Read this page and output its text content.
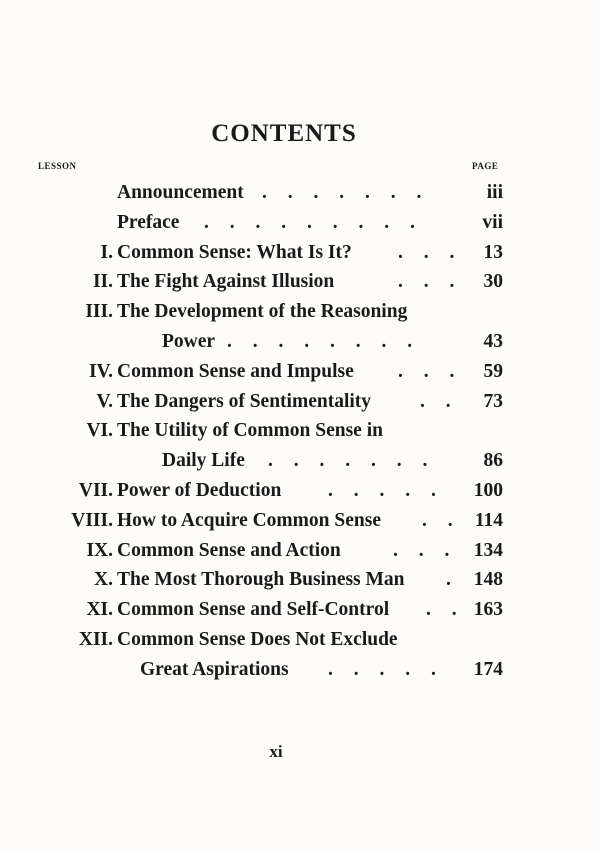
CONTENTS
LESSON	PAGE
Announcement . . . . . . .	iii
Preface . . . . . . . . .	vii
I. Common Sense: What Is It? . . . 13
II. The Fight Against Illusion	. . . 30
III. The Development of the Reasoning
Power . . . . . . . .	43
IV. Common Sense and Impulse . . . 59
V. The Dangers of Sentimentality	. . 73
VI. The Utility of Common Sense in
Daily Life . . . . . . . 86
VII. Power of Deduction . . . . . 100
VIII. How to Acquire Common Sense . . 114
IX. Common Sense and Action	. . . 134
X. The Most Thorough Business Man . 148
XI. Common Sense and Self-Control . . 163
XII. Common Sense Does Not Exclude
Great Aspirations . . . . . 174
xi
